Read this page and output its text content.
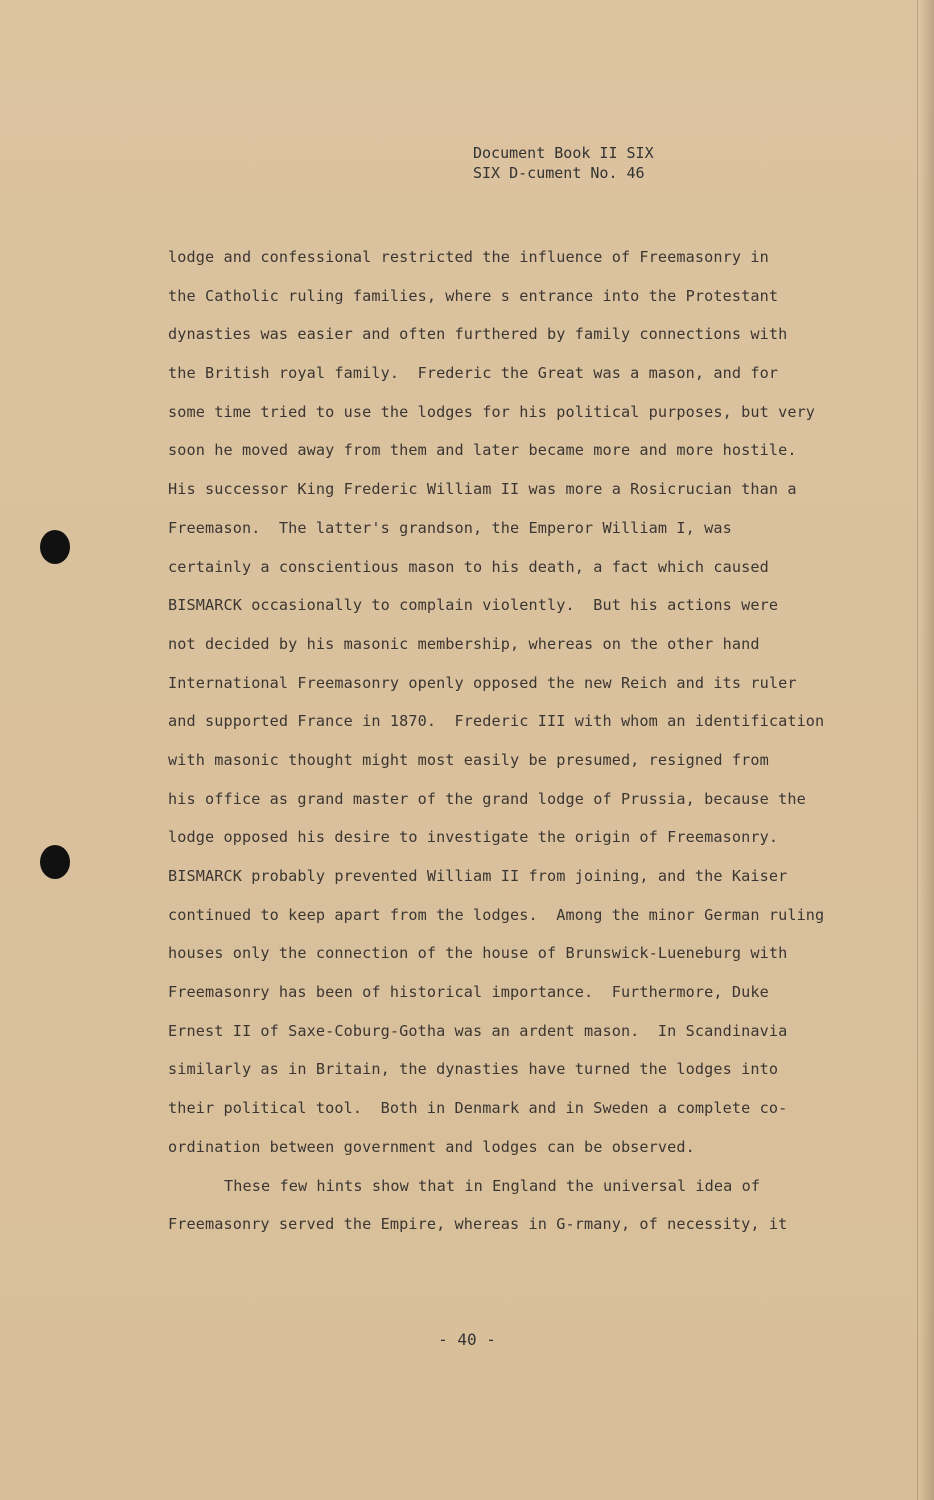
Document Book II SIX
SIX D-cument No. 46
lodge and confessional restricted the influence of Freemasonry in
the Catholic ruling families, where s entrance into the Protestant
dynasties was easier and often furthered by family connections with
the British royal family.  Frederic the Great was a mason, and for
some time tried to use the lodges for his political purposes, but very
soon he moved away from them and later became more and more hostile.
His successor King Frederic William II was more a Rosicrucian than a
Freemason.  The latter's grandson, the Emperor William I, was
certainly a conscientious mason to his death, a fact which caused
BISMARCK occasionally to complain violently.  But his actions were
not decided by his masonic membership, whereas on the other hand
International Freemasonry openly opposed the new Reich and its ruler
and supported France in 1870.  Frederic III with whom an identification
with masonic thought might most easily be presumed, resigned from
his office as grand master of the grand lodge of Prussia, because the
lodge opposed his desire to investigate the origin of Freemasonry.
BISMARCK probably prevented William II from joining, and the Kaiser
continued to keep apart from the lodges.  Among the minor German ruling
houses only the connection of the house of Brunswick-Lueneburg with
Freemasonry has been of historical importance.  Furthermore, Duke
Ernest II of Saxe-Coburg-Gotha was an ardent mason.  In Scandinavia
similarly as in Britain, the dynasties have turned the lodges into
their political tool.  Both in Denmark and in Sweden a complete co-
ordination between government and lodges can be observed.
These few hints show that in England the universal idea of
Freemasonry served the Empire, whereas in G-rmany, of necessity, it
- 40 -
